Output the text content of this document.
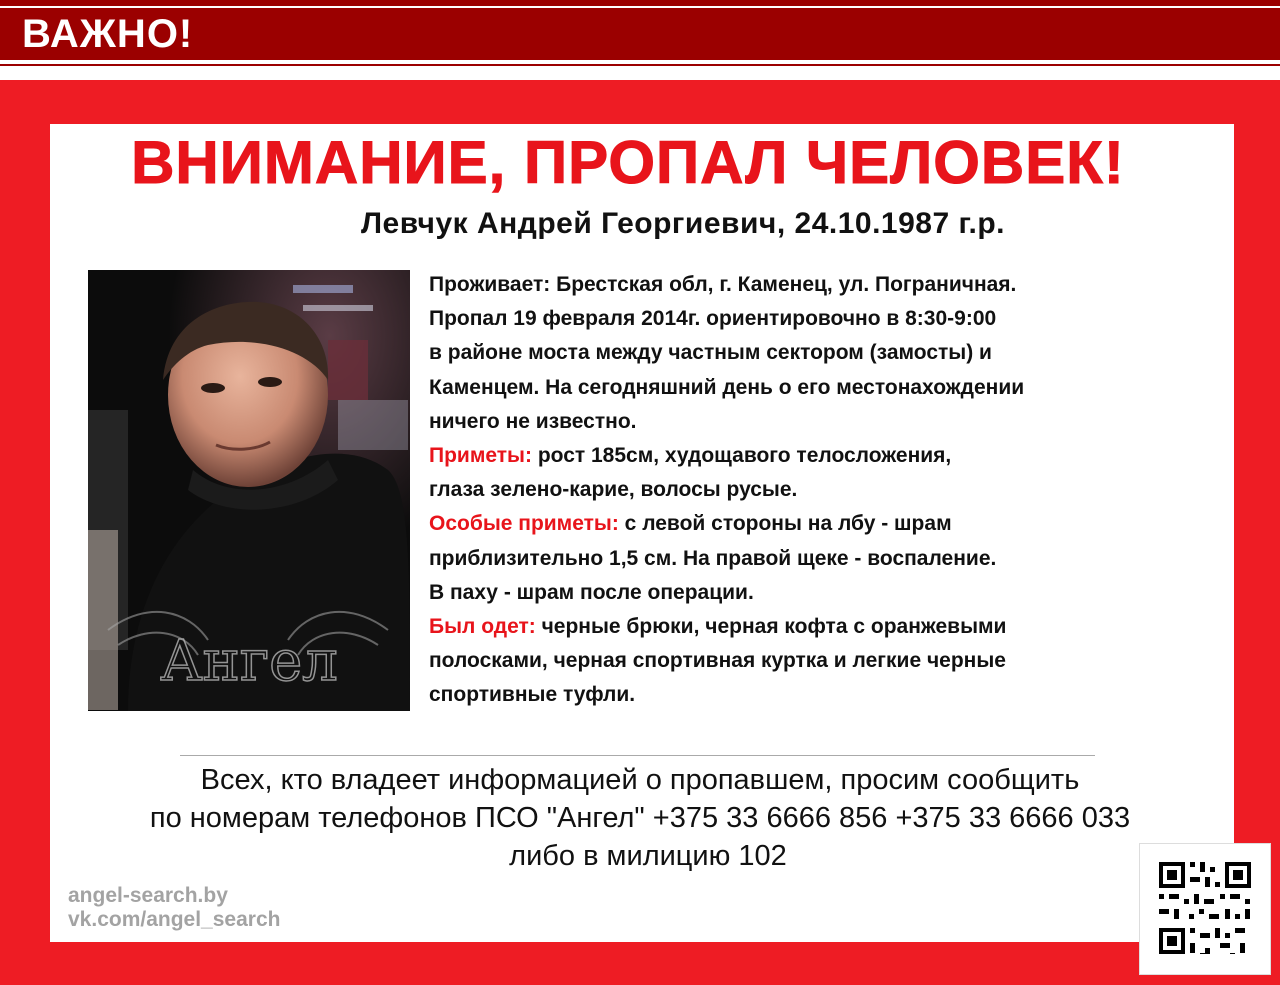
ВАЖНО!
ВНИМАНИЕ, ПРОПАЛ ЧЕЛОВЕК!
Левчук Андрей Георгиевич, 24.10.1987 г.р.
Ангел

Проживает: Брестская обл, г. Каменец, ул. Пограничная.

Пропал 19 февраля 2014г. ориентировочно в 8:30-9:00

в районе моста между частным сектором (замосты) и

Каменцем. На сегодняшний день о его местонахождении

ничего не известно.

Приметы: рост 185см, худощавого телосложения,

глаза зелено-карие, волосы русые.

Особые приметы: с левой стороны на лбу - шрам

приблизительно 1,5 см. На правой щеке - воспаление.

В паху - шрам после операции.

Был одет: черные брюки, черная кофта с оранжевыми

полосками, черная спортивная куртка и легкие черные

спортивные туфли.

Всех, кто владеет информацией о пропавшем, просим сообщить
по номерам телефонов ПСО "Ангел" +375 33 6666 856 +375 33 6666 033
либо в милицию 102
angel-search.by
vk.com/angel_search
